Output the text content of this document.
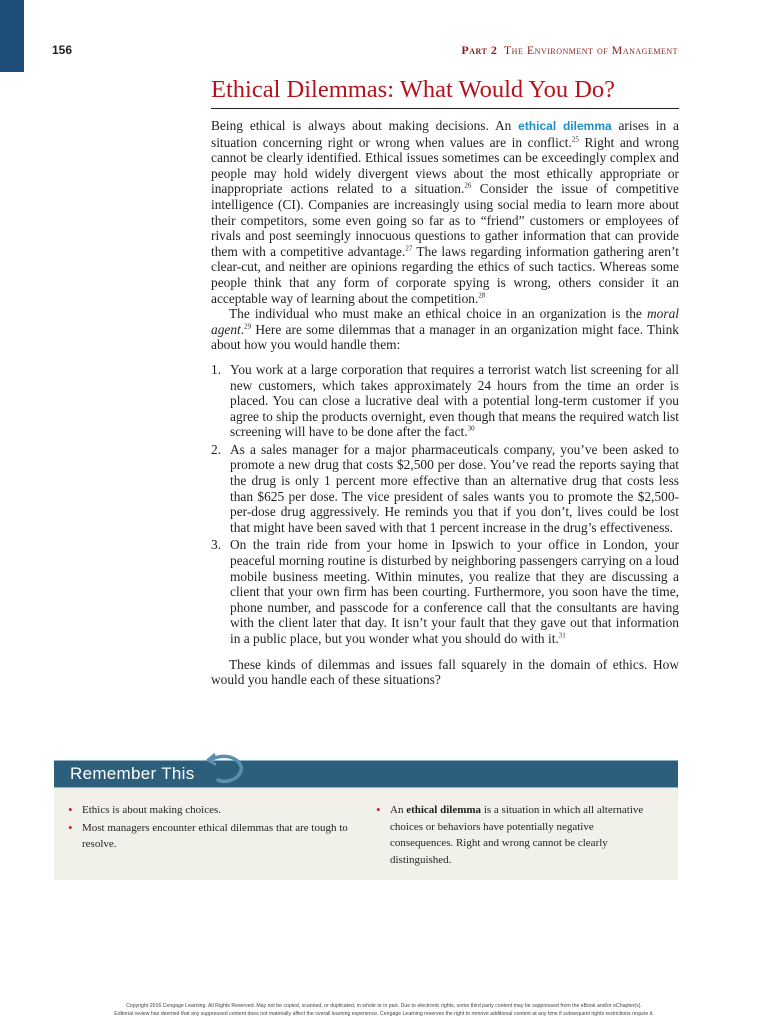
156	Part 2 The Environment of Management
Ethical Dilemmas: What Would You Do?

Being ethical is always about making decisions. An ethical dilemma arises in a situation concerning right or wrong when values are in conflict.$^{25}$ Right and wrong cannot be clearly identified. Ethical issues sometimes can be exceedingly complex and people may hold widely divergent views about the most ethically appropriate or inappropriate actions related to a situation.$^{26}$ Consider the issue of competitive intelligence (CI). Companies are increasingly using social media to learn more about their competitors, some even going so far as to “friend” customers or employees of rivals and post seemingly innocuous questions to gather information that can provide them with a competitive advantage.$^{27}$ The laws regarding information gathering aren’t clear-cut, and neither are opinions regarding the ethics of such tactics. Whereas some people think that any form of corporate spying is wrong, others consider it an acceptable way of learning about the competition.$^{28}$

The individual who must make an ethical choice in an organization is the moral agent.$^{29}$ Here are some dilemmas that a manager in an organization might face. Think about how you would handle them:

1. You work at a large corporation that requires a terrorist watch list screening for all new customers, which takes approximately 24 hours from the time an order is placed. You can close a lucrative deal with a potential long-term customer if you agree to ship the products overnight, even though that means the required watch list screening will have to be done after the fact.$^{30}$
2. As a sales manager for a major pharmaceuticals company, you’ve been asked to promote a new drug that costs $2,500 per dose. You’ve read the reports saying that the drug is only 1 percent more effective than an alternative drug that costs less than $625 per dose. The vice president of sales wants you to promote the $2,500-per-dose drug aggressively. He reminds you that if you don’t, lives could be lost that might have been saved with that 1 percent increase in the drug’s effectiveness.
3. On the train ride from your home in Ipswich to your office in London, your peaceful morning routine is disturbed by neighboring passengers carrying on a loud mobile business meeting. Within minutes, you realize that they are discussing a client that your own firm has been courting. Furthermore, you soon have the time, phone number, and passcode for a conference call that the consultants are having with the client later that day. It isn’t your fault that they gave out that information in a public place, but you wonder what you should do with it.$^{31}$

These kinds of dilemmas and issues fall squarely in the domain of ethics. How would you handle each of these situations?

Remember This
• Ethics is about making choices.
• Most managers encounter ethical dilemmas that are tough to resolve.
• An ethical dilemma is a situation in which all alternative choices or behaviors have potentially negative consequences. Right and wrong cannot be clearly distinguished.
Copyright 2016 Cengage Learning. All Rights Reserved. May not be copied, scanned, or duplicated, in whole or in part. Due to electronic rights, some third party content may be suppressed from the eBook and/or eChapter(s).
Editorial review has deemed that any suppressed content does not materially affect the overall learning experience. Cengage Learning reserves the right to remove additional content at any time if subsequent rights restrictions require it.
